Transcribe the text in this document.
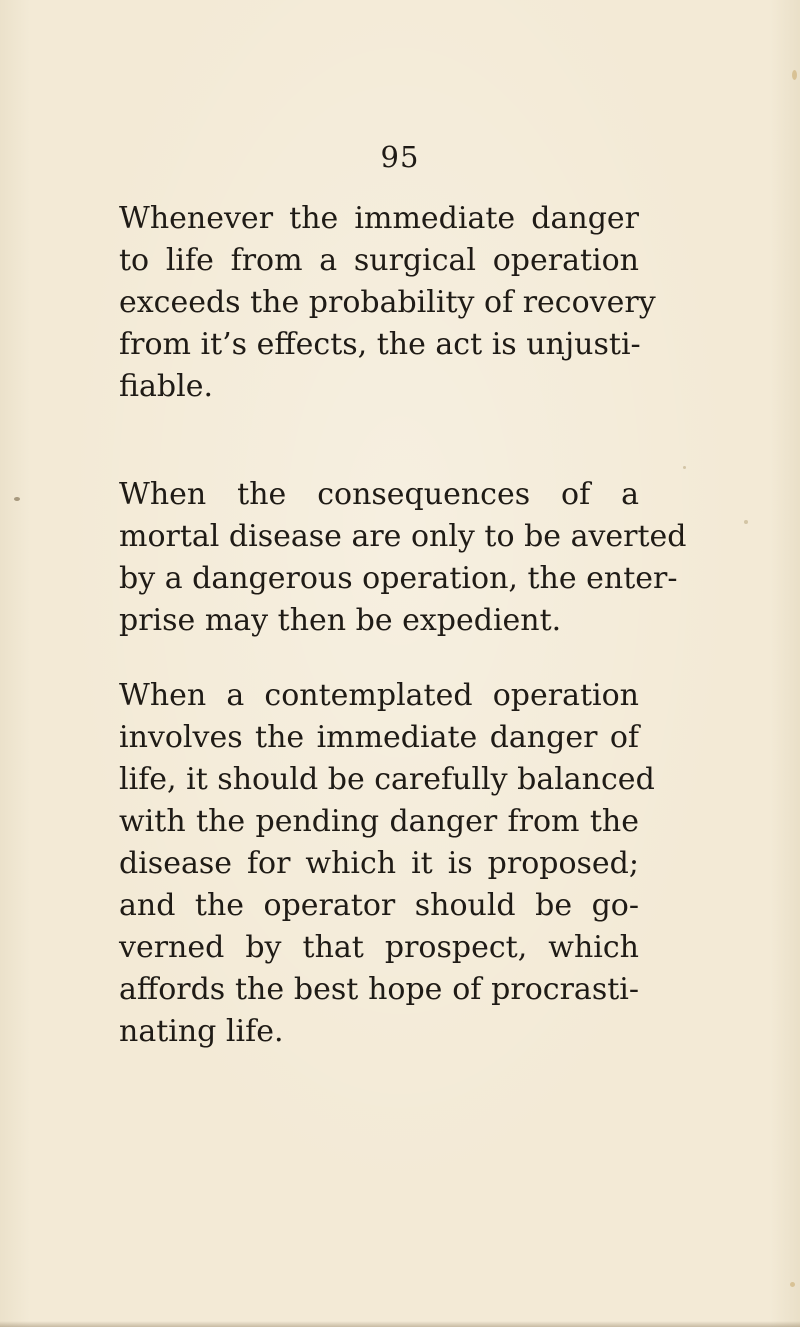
95
Whenever the immediate danger
to life from a surgical operation
exceeds the probability of recovery
from it’s effects, the act is unjusti-
fiable.
When the consequences of a
mortal disease are only to be averted
by a dangerous operation, the enter-
prise may then be expedient.
When a contemplated operation
involves the immediate danger of
life, it should be carefully balanced
with the pending danger from the
disease for which it is proposed;
and the operator should be go-
verned by that prospect, which
affords the best hope of procrasti-
nating life.
